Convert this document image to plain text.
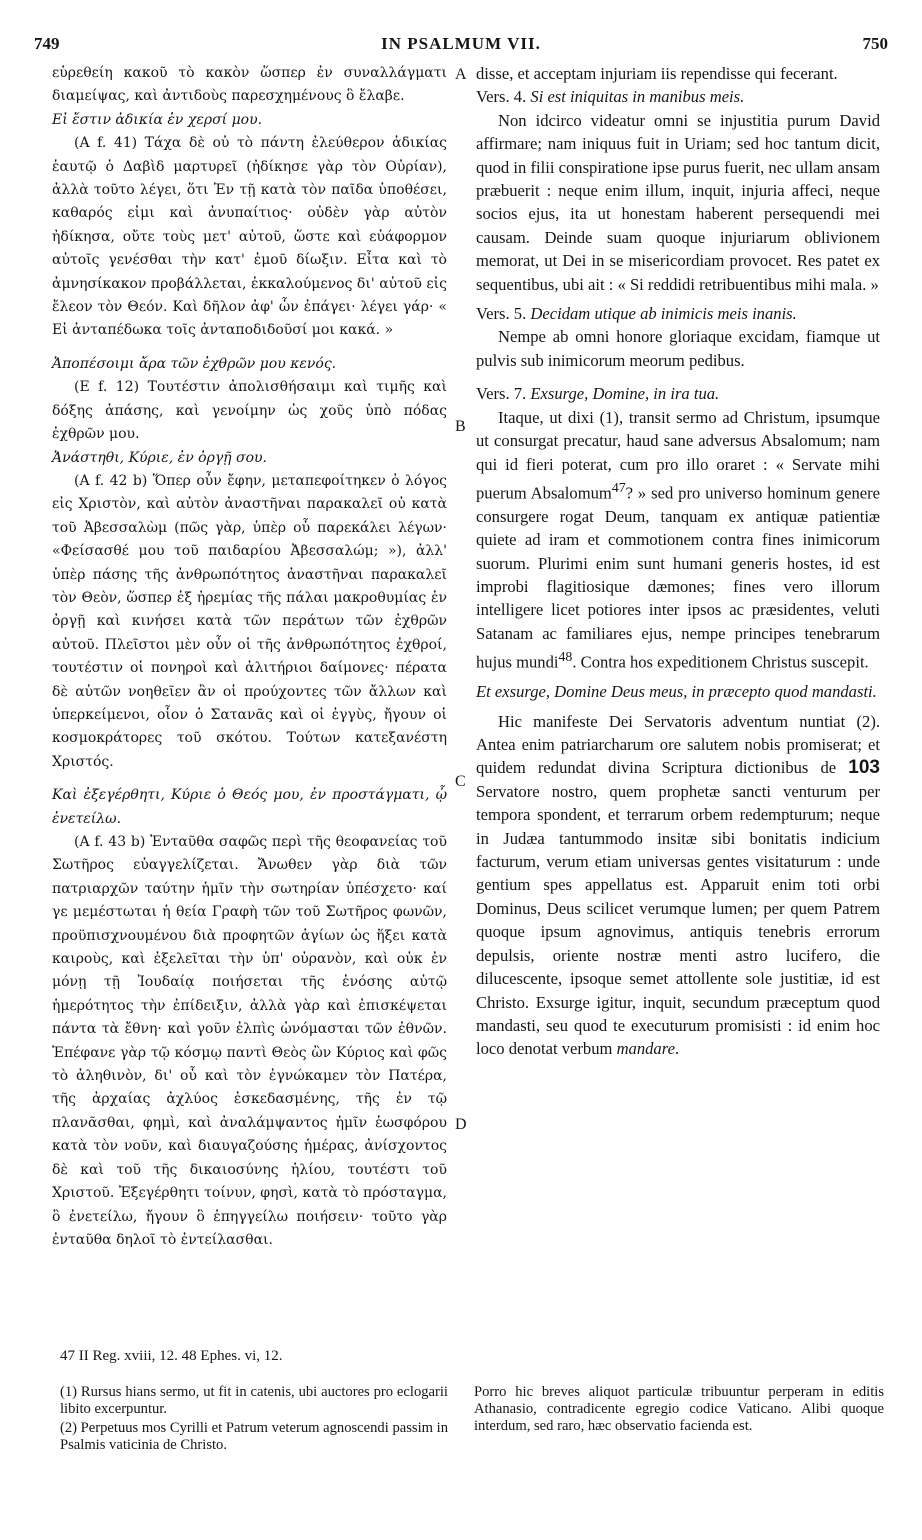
749	IN PSALMUM VII.	750
A
B
C
D

εὑρεθείη κακοῦ τὸ κακὸν ὥσπερ ἐν συναλλάγματι διαμείψας, καὶ ἀντιδοὺς παρεσχημένους ὃ ἔλαβε.

Εἰ ἔστιν ἀδικία ἐν χερσί μου.

(Α f. 41) Τάχα δὲ οὐ τὸ πάντη ἐλεύθερον ἀδικίας ἑαυτῷ ὁ Δαβὶδ μαρτυρεῖ (ἠδίκησε γὰρ τὸν Οὐρίαν), ἀλλὰ τοῦτο λέγει, ὅτι Ἐν τῇ κατὰ τὸν παῖδα ὑποθέσει, καθαρός εἰμι καὶ ἀνυπαίτιος· οὐδὲν γὰρ αὐτὸν ἠδίκησα, οὔτε τοὺς μετ' αὐτοῦ, ὥστε καὶ εὐάφορμον αὐτοῖς γενέσθαι τὴν κατ' ἐμοῦ δίωξιν. Εἶτα καὶ τὸ ἀμνησίκακον προβάλλεται, ἐκκαλούμενος δι' αὐτοῦ εἰς ἔλεον τὸν Θεόν. Καὶ δῆλον ἀφ' ὧν ἐπάγει· λέγει γάρ· « Εἰ ἀνταπέδωκα τοῖς ἀνταποδιδοῦσί μοι κακά. »

Ἀποπέσοιμι ἄρα τῶν ἐχθρῶν μου κενός.

(Ε f. 12) Τουτέστιν ἀπολισθήσαιμι καὶ τιμῆς καὶ δόξης ἁπάσης, καὶ γενοίμην ὡς χοῦς ὑπὸ πόδας ἐχθρῶν μου.

Ἀνάστηθι, Κύριε, ἐν ὀργῇ σου.

(Α f. 42 b) Ὅπερ οὖν ἔφην, μεταπεφοίτηκεν ὁ λόγος εἰς Χριστὸν, καὶ αὐτὸν ἀναστῆναι παρακαλεῖ οὐ κατὰ τοῦ Ἀβεσσαλὼμ (πῶς γὰρ, ὑπὲρ οὗ παρεκάλει λέγων· «Φείσασθέ μου τοῦ παιδαρίου Ἀβεσσαλώμ; »), ἀλλ' ὑπὲρ πάσης τῆς ἀνθρωπότητος ἀναστῆναι παρακαλεῖ τὸν Θεὸν, ὥσπερ ἐξ ἠρεμίας τῆς πάλαι μακροθυμίας ἐν ὀργῇ καὶ κινήσει κατὰ τῶν περάτων τῶν ἐχθρῶν αὐτοῦ. Πλεῖστοι μὲν οὖν οἱ τῆς ἀνθρωπότητος ἐχθροί, τουτέστιν οἱ πονηροὶ καὶ ἀλιτήριοι δαίμονες· πέρατα δὲ αὐτῶν νοηθεῖεν ἂν οἱ προύχοντες τῶν ἄλλων καὶ ὑπερκείμενοι, οἷον ὁ Σατανᾶς καὶ οἱ ἐγγὺς, ἤγουν οἱ κοσμοκράτορες τοῦ σκότου. Τούτων κατεξανέστη Χριστός.

Καὶ ἐξεγέρθητι, Κύριε ὁ Θεός μου, ἐν προστάγματι, ᾧ ἐνετείλω.

(Α f. 43 b) Ἐνταῦθα σαφῶς περὶ τῆς θεοφανείας τοῦ Σωτῆρος εὐαγγελίζεται. Ἄνωθεν γὰρ διὰ τῶν πατριαρχῶν ταύτην ἡμῖν τὴν σωτηρίαν ὑπέσχετο· καί γε μεμέστωται ἡ θεία Γραφὴ τῶν τοῦ Σωτῆρος φωνῶν, προϋπισχνουμένου διὰ προφητῶν ἁγίων ὡς ἥξει κατὰ καιροὺς, καὶ ἐξελεῖται τὴν ὑπ' οὐρανὸν, καὶ οὐκ ἐν μόνῃ τῇ Ἰουδαίᾳ ποιήσεται τῆς ἑνόσης αὐτῷ ἡμερότητος τὴν ἐπίδειξιν, ἀλλὰ γὰρ καὶ ἐπισκέψεται πάντα τὰ ἔθνη· καὶ γοῦν ἐλπὶς ὠνόμασται τῶν ἐθνῶν. Ἐπέφανε γὰρ τῷ κόσμῳ παντὶ Θεὸς ὢν Κύριος καὶ φῶς τὸ ἀληθινὸν, δι' οὗ καὶ τὸν ἐγνώκαμεν τὸν Πατέρα, τῆς ἀρχαίας ἀχλύος ἐσκεδασμένης, τῆς ἐν τῷ πλανᾶσθαι, φημὶ, καὶ ἀναλάμψαντος ἡμῖν ἑωσφόρου κατὰ τὸν νοῦν, καὶ διαυγαζούσης ἡμέρας, ἀνίσχοντος δὲ καὶ τοῦ τῆς δικαιοσύνης ἡλίου, τουτέστι τοῦ Χριστοῦ. Ἐξεγέρθητι τοίνυν, φησὶ, κατὰ τὸ πρόσταγμα, ὃ ἐνετείλω, ἤγουν ὃ ἐπηγγείλω ποιήσειν· τοῦτο γὰρ ἐνταῦθα δηλοῖ τὸ ἐντείλασθαι.

disse, et acceptam injuriam iis rependisse qui fecerant.

Vers. 4. Si est iniquitas in manibus meis.

Non idcirco videatur omni se injustitia purum David affirmare; nam iniquus fuit in Uriam; sed hoc tantum dicit, quod in filii conspiratione ipse purus fuerit, nec ullam ansam præbuerit : neque enim illum, inquit, injuria affeci, neque socios ejus, ita ut honestam haberent persequendi mei causam. Deinde suam quoque injuriarum oblivionem memorat, ut Dei in se misericordiam provocet. Res patet ex sequentibus, ubi ait : « Si reddidi retribuentibus mihi mala. »

Vers. 5. Decidam utique ab inimicis meis inanis.

Nempe ab omni honore gloriaque excidam, fiamque ut pulvis sub inimicorum meorum pedibus.

Vers. 7. Exsurge, Domine, in ira tua.

Itaque, ut dixi (1), transit sermo ad Christum, ipsumque ut consurgat precatur, haud sane adversus Absalomum; nam qui id fieri poterat, cum pro illo oraret : « Servate mihi puerum Absalomum$^{47}$? » sed pro universo hominum genere consurgere rogat Deum, tanquam ex antiquæ patientiæ quiete ad iram et commotionem contra fines inimicorum suorum. Plurimi enim sunt humani generis hostes, id est improbi flagitiosique dæmones; fines vero illorum intelligere licet potiores inter ipsos ac præsidentes, veluti Satanam ac familiares ejus, nempe principes tenebrarum hujus mundi$^{48}$. Contra hos expeditionem Christus suscepit.

Et exsurge, Domine Deus meus, in præcepto quod mandasti.

Hic manifeste Dei Servatoris adventum nuntiat (2). Antea enim patriarcharum ore salutem nobis promiserat; et quidem redundat divina Scriptura dictionibus de 103 Servatore nostro, quem prophetæ sancti venturum per tempora spondent, et terrarum orbem redempturum; neque in Judæa tantummodo insitæ sibi bonitatis indicium facturum, verum etiam universas gentes visitaturum : unde gentium spes appellatus est. Apparuit enim toti orbi Dominus, Deus scilicet verumque lumen; per quem Patrem quoque ipsum agnovimus, antiquis tenebris errorum depulsis, oriente nostræ menti astro lucifero, die dilucescente, ipsoque semet attollente sole justitiæ, id est Christo. Exsurge igitur, inquit, secundum præceptum quod mandasti, seu quod te executurum promisisti : id enim hoc loco denotat verbum mandare.

47 II Reg. xviii, 12. 48 Ephes. vi, 12.

(1) Rursus hians sermo, ut fit in catenis, ubi auctores pro eclogarii libito excerpuntur.

(2) Perpetuus mos Cyrilli et Patrum veterum agnoscendi passim in Psalmis vaticinia de Christo.

Porro hic breves aliquot particulæ tribuuntur perperam in editis Athanasio, contradicente egregio codice Vaticano. Alibi quoque interdum, sed raro, hæc observatio facienda est.
